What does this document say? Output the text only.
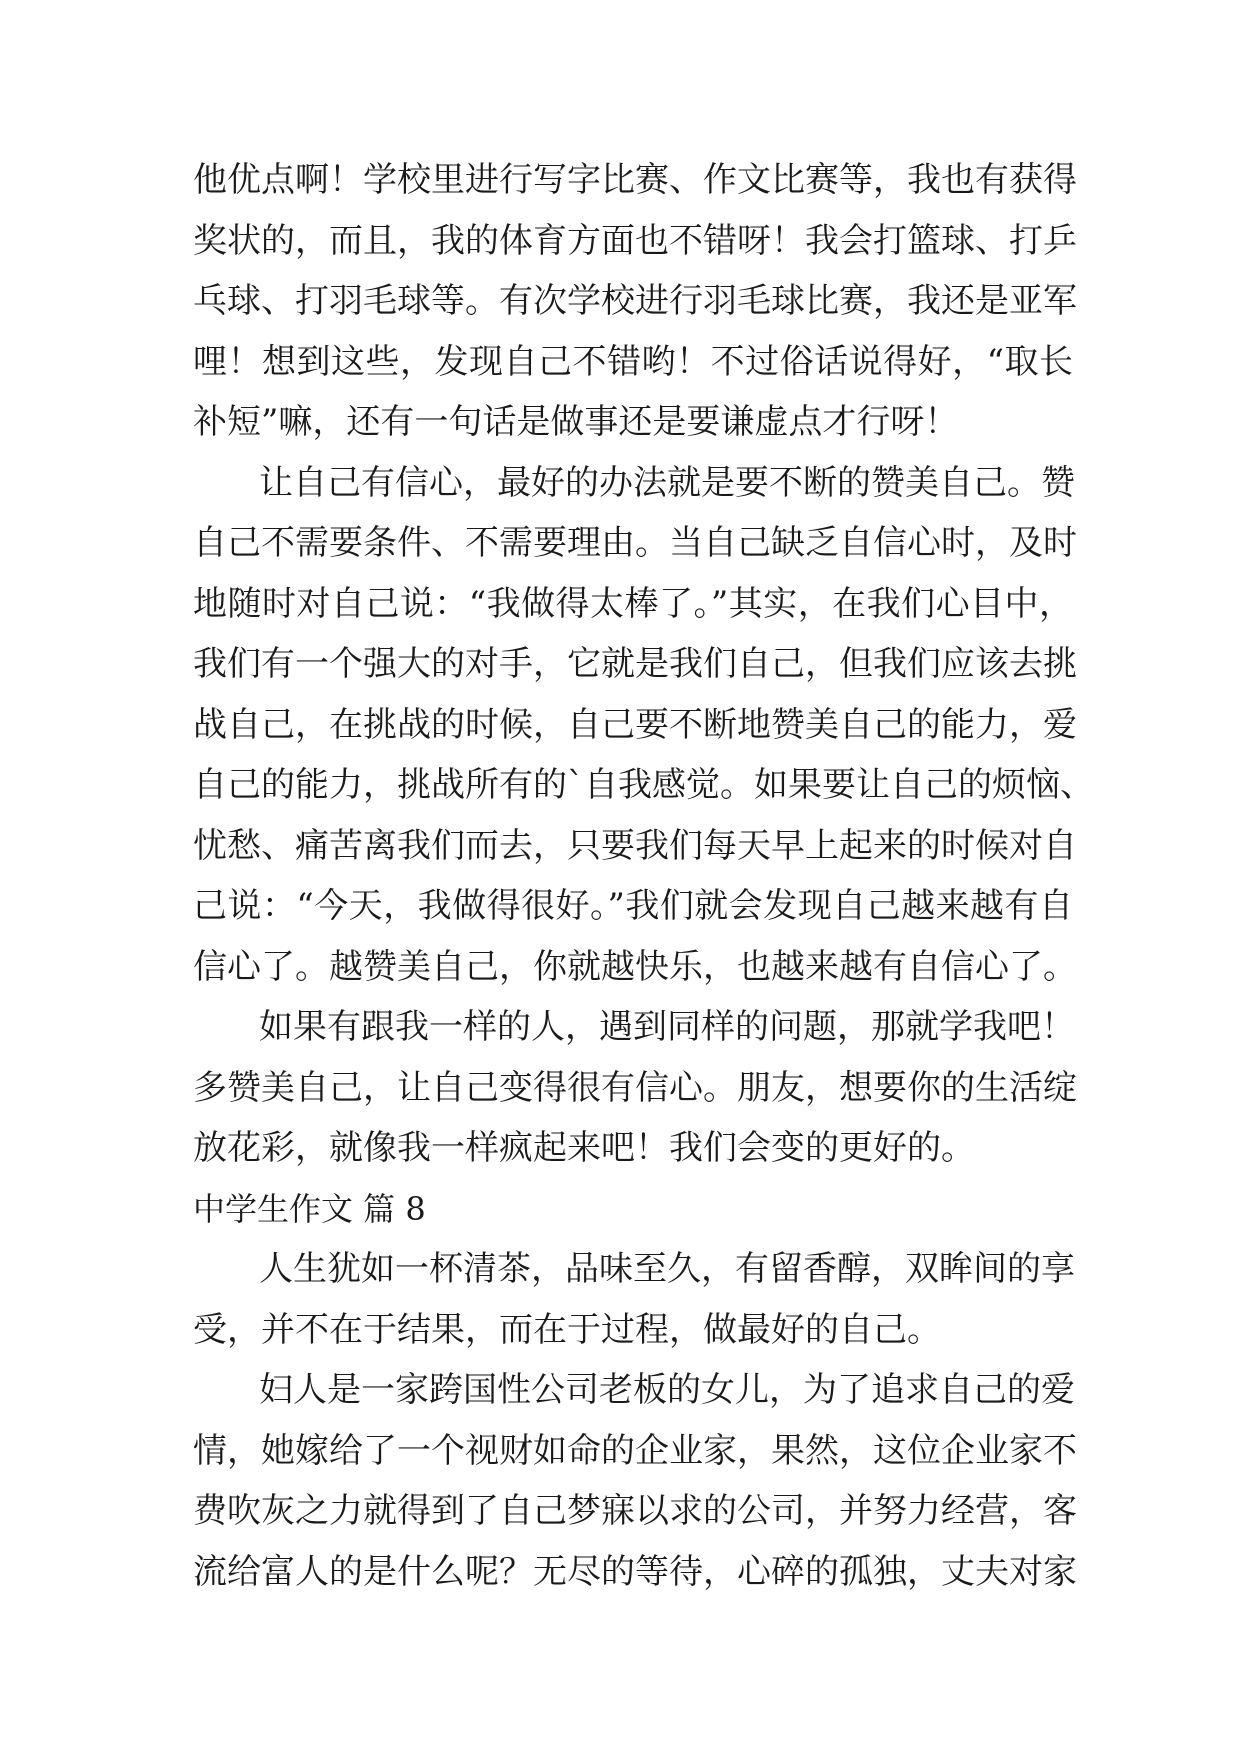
他优点啊！学校里进行写字比赛、作文比赛等，我也有获得
奖状的，而且，我的体育方面也不错呀！我会打篮球、打乒
乓球、打羽毛球等。有次学校进行羽毛球比赛，我还是亚军
哩！想到这些，发现自己不错哟！不过俗话说得好，“取长
补短”嘛，还有一句话是做事还是要谦虚点才行呀！
让自己有信心，最好的办法就是要不断的赞美自己。赞
自己不需要条件、不需要理由。当自己缺乏自信心时，及时
地随时对自己说：“我做得太棒了。”其实，在我们心目中，
我们有一个强大的对手，它就是我们自己，但我们应该去挑
战自己，在挑战的时候，自己要不断地赞美自己的能力，爱
自己的能力，挑战所有的`自我感觉。如果要让自己的烦恼、
忧愁、痛苦离我们而去，只要我们每天早上起来的时候对自
己说：“今天，我做得很好。”我们就会发现自己越来越有自
信心了。越赞美自己，你就越快乐，也越来越有自信心了。
如果有跟我一样的人，遇到同样的问题，那就学我吧！
多赞美自己，让自己变得很有信心。朋友，想要你的生活绽
放花彩，就像我一样疯起来吧！我们会变的更好的。
中学生作文 篇 8
人生犹如一杯清茶，品味至久，有留香醇，双眸间的享
受，并不在于结果，而在于过程，做最好的自己。
妇人是一家跨国性公司老板的女儿，为了追求自己的爱
情，她嫁给了一个视财如命的企业家，果然，这位企业家不
费吹灰之力就得到了自己梦寐以求的公司，并努力经营，客
流给富人的是什么呢？无尽的等待，心碎的孤独，丈夫对家
